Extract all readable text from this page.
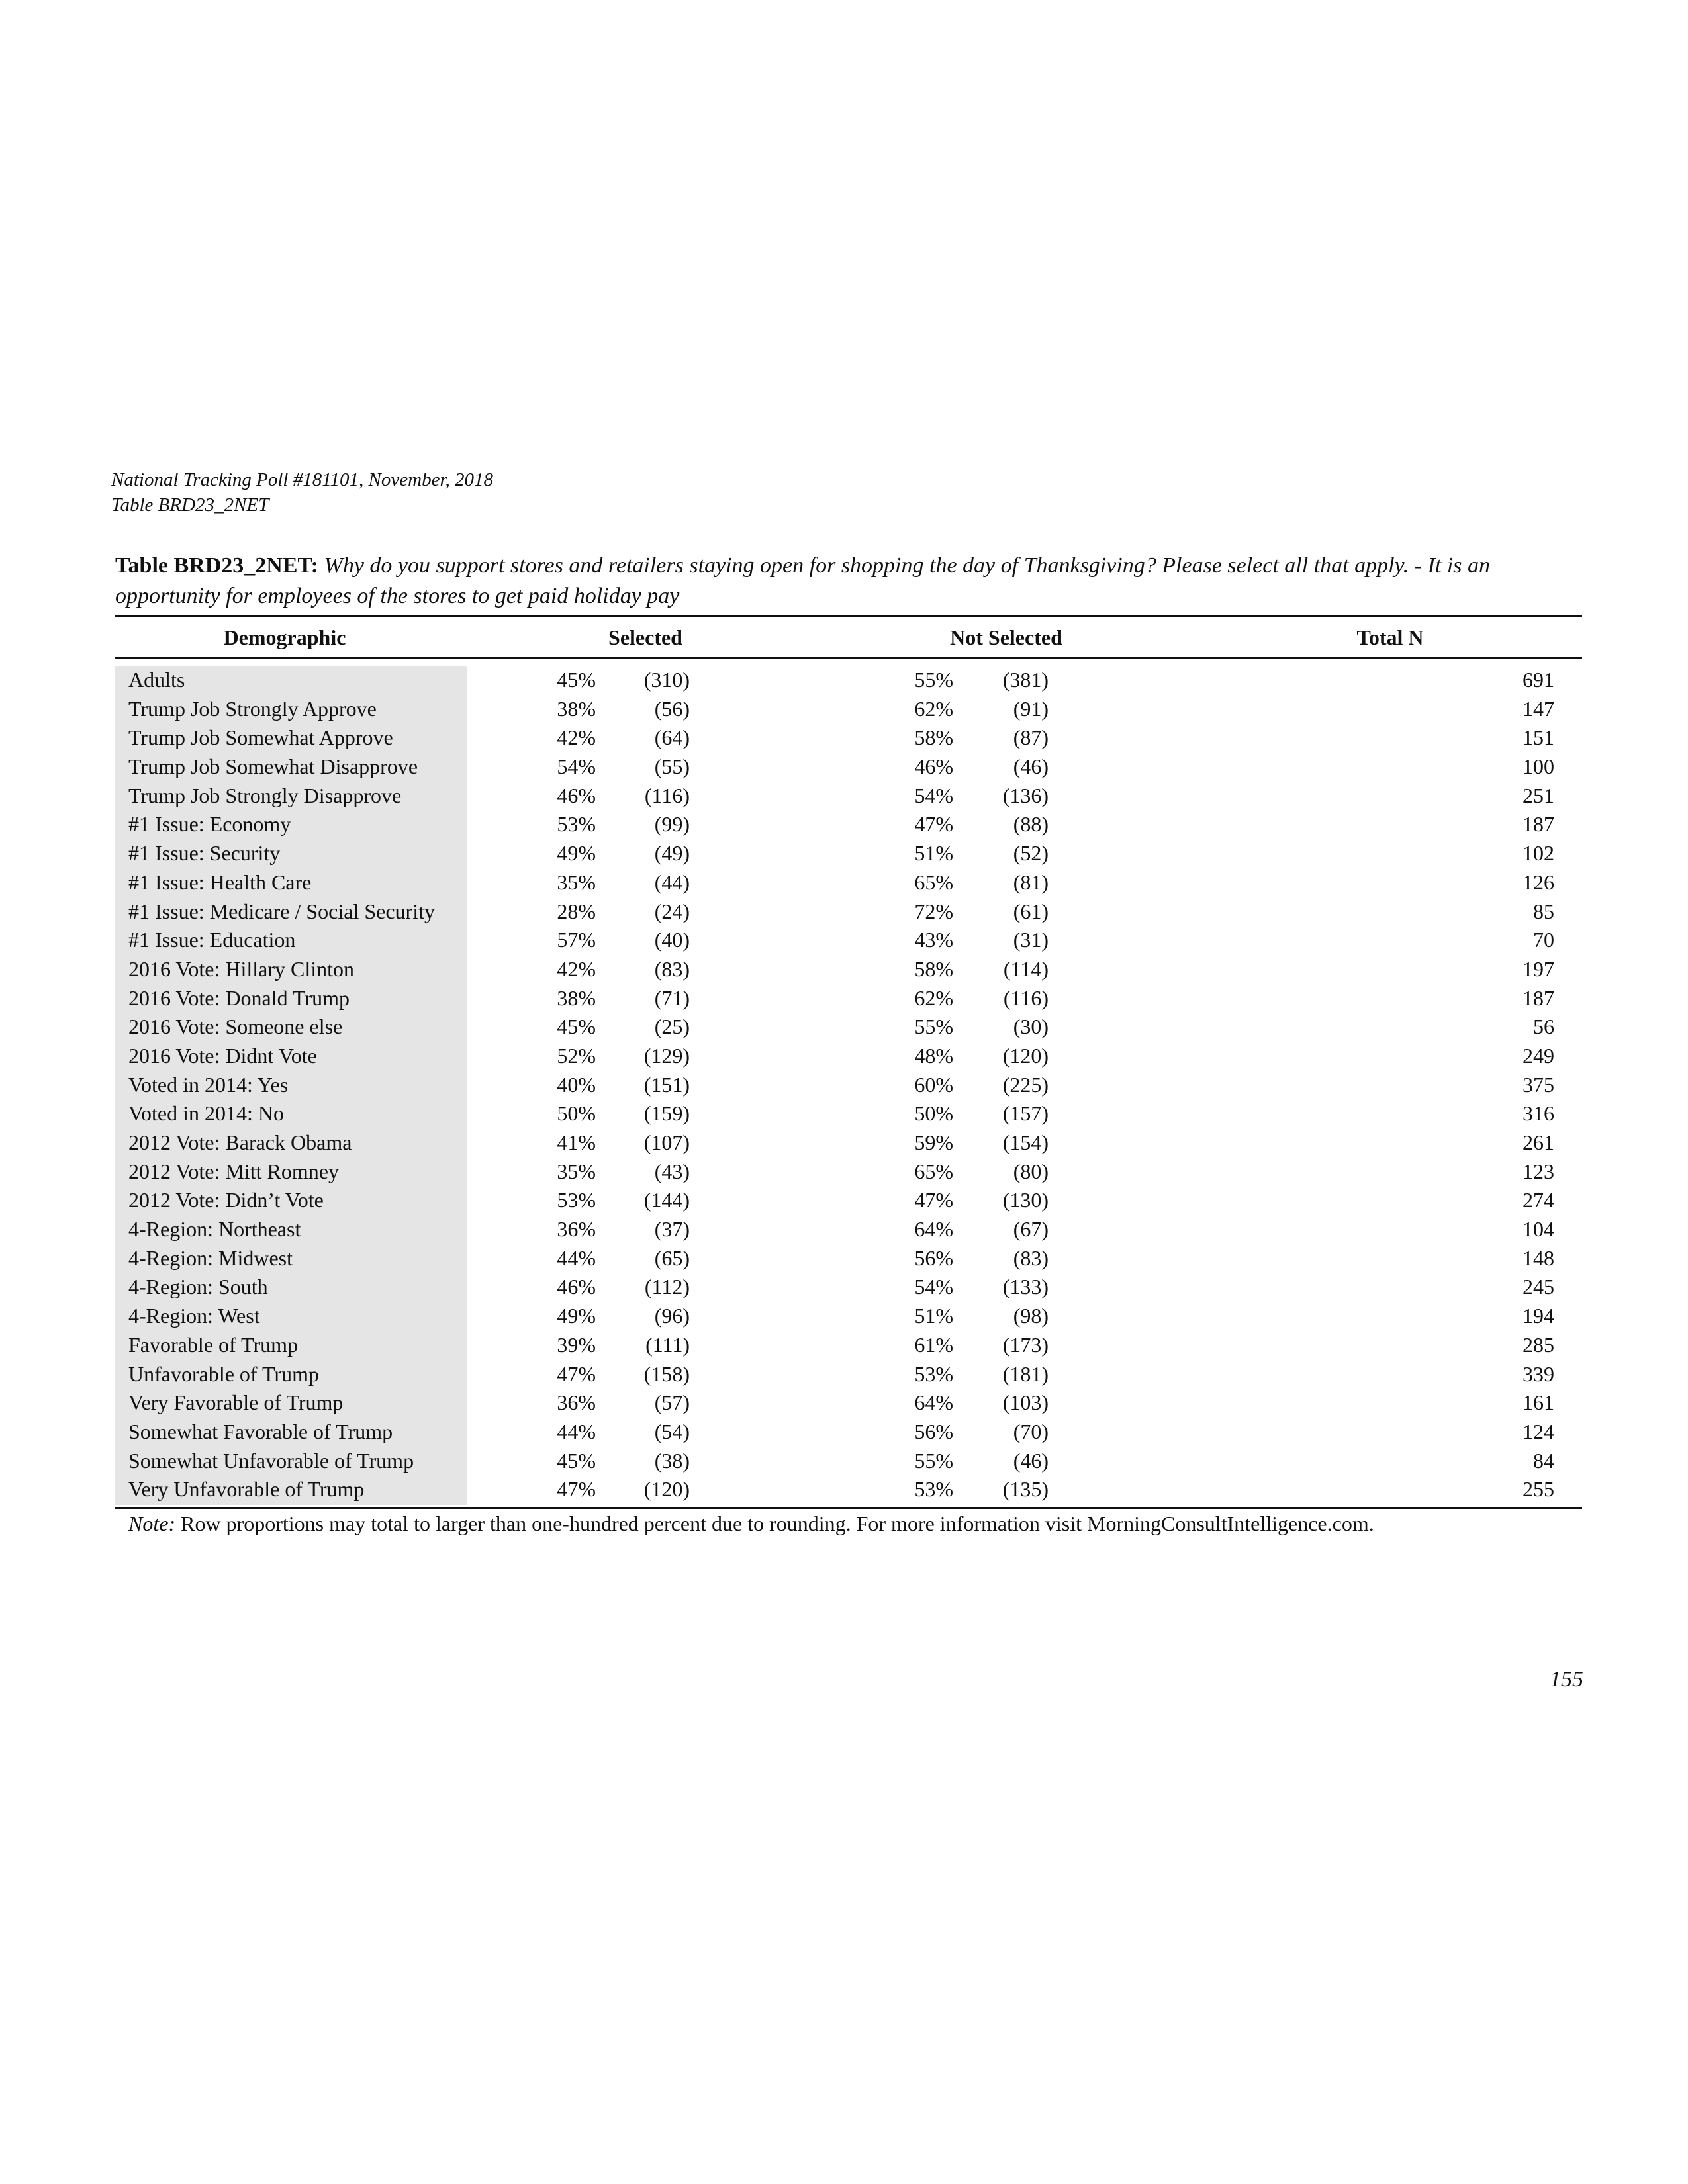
National Tracking Poll #181101, November, 2018
Table BRD23_2NET
Table BRD23_2NET: Why do you support stores and retailers staying open for shopping the day of Thanksgiving? Please select all that apply. - It is an opportunity for employees of the stores to get paid holiday pay
Demographic	Selected	Not Selected	Total N
Adults	45% (310)	55% (381)	691
Trump Job Strongly Approve	38%	(56)	62%	(91)	147
Trump Job Somewhat Approve	42%	(64)	58%	(87)	151
Trump Job Somewhat Disapprove	54%	(55)	46%	(46)	100
Trump Job Strongly Disapprove	46% (116)	54% (136)	251
#1 Issue: Economy	53%	(99)	47%	(88)	187
#1 Issue: Security	49%	(49)	51%	(52)	102
#1 Issue: Health Care	35%	(44)	65%	(81)	126
#1 Issue: Medicare / Social Security	28%	(24)	72%	(61)	85
#1 Issue: Education	57%	(40)	43%	(31)	70
2016 Vote: Hillary Clinton	42%	(83)	58% (114)	197
2016 Vote: Donald Trump	38%	(71)	62% (116)	187
2016 Vote: Someone else	45%	(25)	55%	(30)	56
2016 Vote: Didnt Vote	52% (129)	48% (120)	249
Voted in 2014: Yes	40% (151)	60% (225)	375
Voted in 2014: No	50% (159)	50% (157)	316
2012 Vote: Barack Obama	41% (107)	59% (154)	261
2012 Vote: Mitt Romney	35%	(43)	65%	(80)	123
2012 Vote: Didn’t Vote	53% (144)	47% (130)	274
4-Region: Northeast	36%	(37)	64%	(67)	104
4-Region: Midwest	44%	(65)	56%	(83)	148
4-Region: South	46% (112)	54% (133)	245
4-Region: West	49%	(96)	51%	(98)	194
Favorable of Trump	39% (111)	61% (173)	285
Unfavorable of Trump	47% (158)	53% (181)	339
Very Favorable of Trump	36%	(57)	64% (103)	161
Somewhat Favorable of Trump	44%	(54)	56%	(70)	124
Somewhat Unfavorable of Trump	45%	(38)	55%	(46)	84
Very Unfavorable of Trump	47% (120)	53% (135)	255
Note: Row proportions may total to larger than one-hundred percent due to rounding. For more information visit MorningConsultIntelligence.com.
155
